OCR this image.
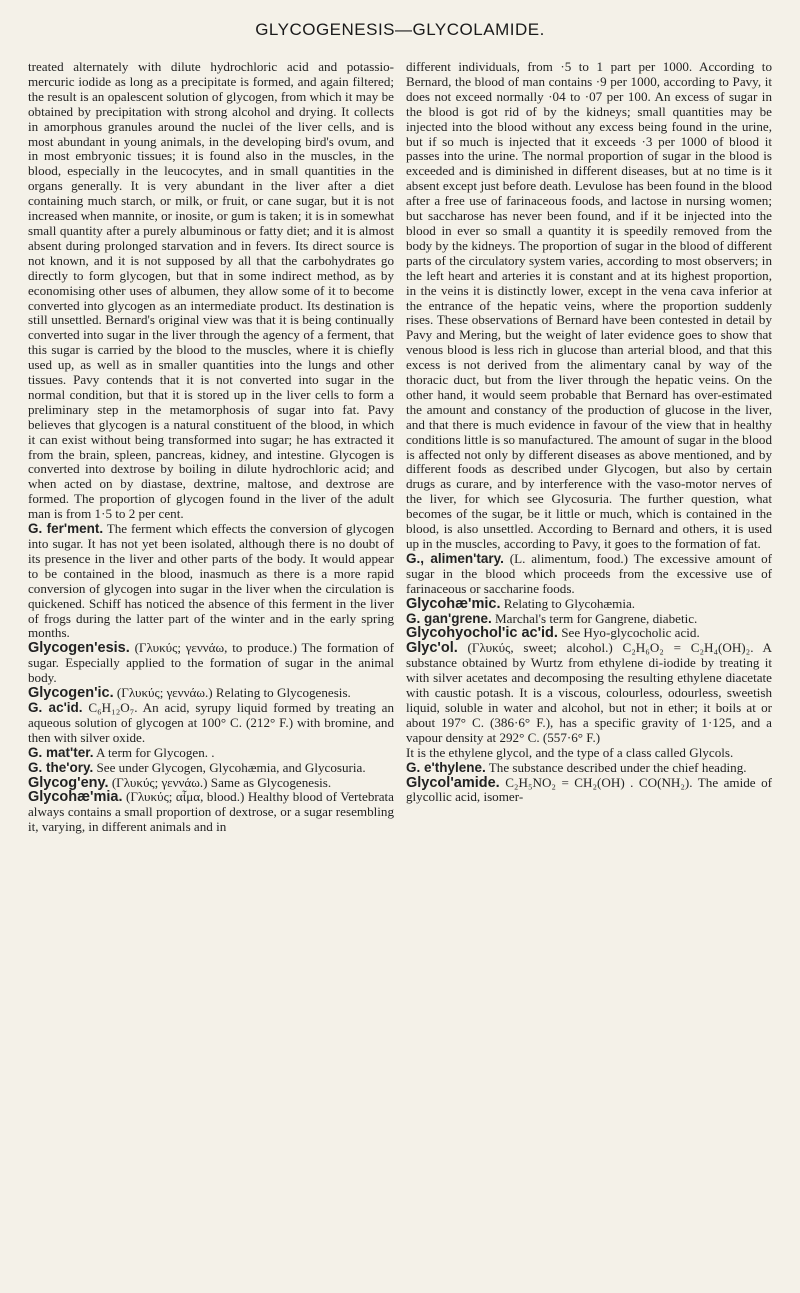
GLYCOGENESIS—GLYCOLAMIDE.

treated alternately with dilute hydrochloric acid and potassio-mercuric iodide as long as a precipitate is formed, and again filtered; the result is an opalescent solution of glycogen, from which it may be obtained by precipitation with strong alcohol and drying. It collects in amorphous granules around the nuclei of the liver cells, and is most abundant in young animals, in the developing bird's ovum, and in most embryonic tissues; it is found also in the muscles, in the blood, especially in the leucocytes, and in small quantities in the organs generally. It is very abundant in the liver after a diet containing much starch, or milk, or fruit, or cane sugar, but it is not increased when mannite, or inosite, or gum is taken; it is in somewhat small quantity after a purely albuminous or fatty diet; and it is almost absent during prolonged starvation and in fevers. Its direct source is not known, and it is not supposed by all that the carbohydrates go directly to form glycogen, but that in some indirect method, as by economising other uses of albumen, they allow some of it to become converted into glycogen as an intermediate product. Its destination is still unsettled. Bernard's original view was that it is being continually converted into sugar in the liver through the agency of a ferment, that this sugar is carried by the blood to the muscles, where it is chiefly used up, as well as in smaller quantities into the lungs and other tissues. Pavy contends that it is not converted into sugar in the normal condition, but that it is stored up in the liver cells to form a preliminary step in the metamorphosis of sugar into fat. Pavy believes that glycogen is a natural constituent of the blood, in which it can exist without being transformed into sugar; he has extracted it from the brain, spleen, pancreas, kidney, and intestine. Glycogen is converted into dextrose by boiling in dilute hydrochloric acid; and when acted on by diastase, dextrine, maltose, and dextrose are formed. The proportion of glycogen found in the liver of the adult man is from 1·5 to 2 per cent.

G. fer'ment. The ferment which effects the conversion of glycogen into sugar. It has not yet been isolated, although there is no doubt of its presence in the liver and other parts of the body. It would appear to be contained in the blood, inasmuch as there is a more rapid conversion of glycogen into sugar in the liver when the circulation is quickened. Schiff has noticed the absence of this ferment in the liver of frogs during the latter part of the winter and in the early spring months.

Glycogen'esis. (Γλυκύς; γεννάω, to produce.) The formation of sugar. Especially applied to the formation of sugar in the animal body.

Glycogen'ic. (Γλυκύς; γεννάω.) Relating to Glycogenesis.

G. ac'id. C₆H₁₂O₇. An acid, syrupy liquid formed by treating an aqueous solution of glycogen at 100° C. (212° F.) with bromine, and then with silver oxide.

G. mat'ter. A term for Glycogen. .

G. the'ory. See under Glycogen, Glycohæmia, and Glycosuria.

Glycog'eny. (Γλυκύς; γεννάω.) Same as Glycogenesis.

Glycohæ'mia. (Γλυκύς; αἷμα, blood.) Healthy blood of Vertebrata always contains a small proportion of dextrose, or a sugar resembling it, varying, in different animals and in

different individuals, from ·5 to 1 part per 1000. According to Bernard, the blood of man contains ·9 per 1000, according to Pavy, it does not exceed normally ·04 to ·07 per 100. An excess of sugar in the blood is got rid of by the kidneys; small quantities may be injected into the blood without any excess being found in the urine, but if so much is injected that it exceeds ·3 per 1000 of blood it passes into the urine. The normal proportion of sugar in the blood is exceeded and is diminished in different diseases, but at no time is it absent except just before death. Levulose has been found in the blood after a free use of farinaceous foods, and lactose in nursing women; but saccharose has never been found, and if it be injected into the blood in ever so small a quantity it is speedily removed from the body by the kidneys. The proportion of sugar in the blood of different parts of the circulatory system varies, according to most observers; in the left heart and arteries it is constant and at its highest proportion, in the veins it is distinctly lower, except in the vena cava inferior at the entrance of the hepatic veins, where the proportion suddenly rises. These observations of Bernard have been contested in detail by Pavy and Mering, but the weight of later evidence goes to show that venous blood is less rich in glucose than arterial blood, and that this excess is not derived from the alimentary canal by way of the thoracic duct, but from the liver through the hepatic veins. On the other hand, it would seem probable that Bernard has over-estimated the amount and constancy of the production of glucose in the liver, and that there is much evidence in favour of the view that in healthy conditions little is so manufactured. The amount of sugar in the blood is affected not only by different diseases as above mentioned, and by different foods as described under Glycogen, but also by certain drugs as curare, and by interference with the vaso-motor nerves of the liver, for which see Glycosuria. The further question, what becomes of the sugar, be it little or much, which is contained in the blood, is also unsettled. According to Bernard and others, it is used up in the muscles, according to Pavy, it goes to the formation of fat.

G., alimen'tary. (L. alimentum, food.) The excessive amount of sugar in the blood which proceeds from the excessive use of farinaceous or saccharine foods.

Glycohæ'mic. Relating to Glycohæmia.

G. gan'grene. Marchal's term for Gangrene, diabetic.

Glycohyochol'ic ac'id. See Hyo-glycocholic acid.

Glyc'ol. (Γλυκύς, sweet; alcohol.) C₂H₆O₂ = C₂H₄(OH)₂. A substance obtained by Wurtz from ethylene di-iodide by treating it with silver acetates and decomposing the resulting ethylene diacetate with caustic potash. It is a viscous, colourless, odourless, sweetish liquid, soluble in water and alcohol, but not in ether; it boils at or about 197° C. (386·6° F.), has a specific gravity of 1·125, and a vapour density at 292° C. (557·6° F.)

It is the ethylene glycol, and the type of a class called Glycols.

G. e'thylene. The substance described under the chief heading.

Glycol'amide. C₂H₅NO₂ = CH₂(OH) . CO(NH₂). The amide of glycollic acid, isomer-
